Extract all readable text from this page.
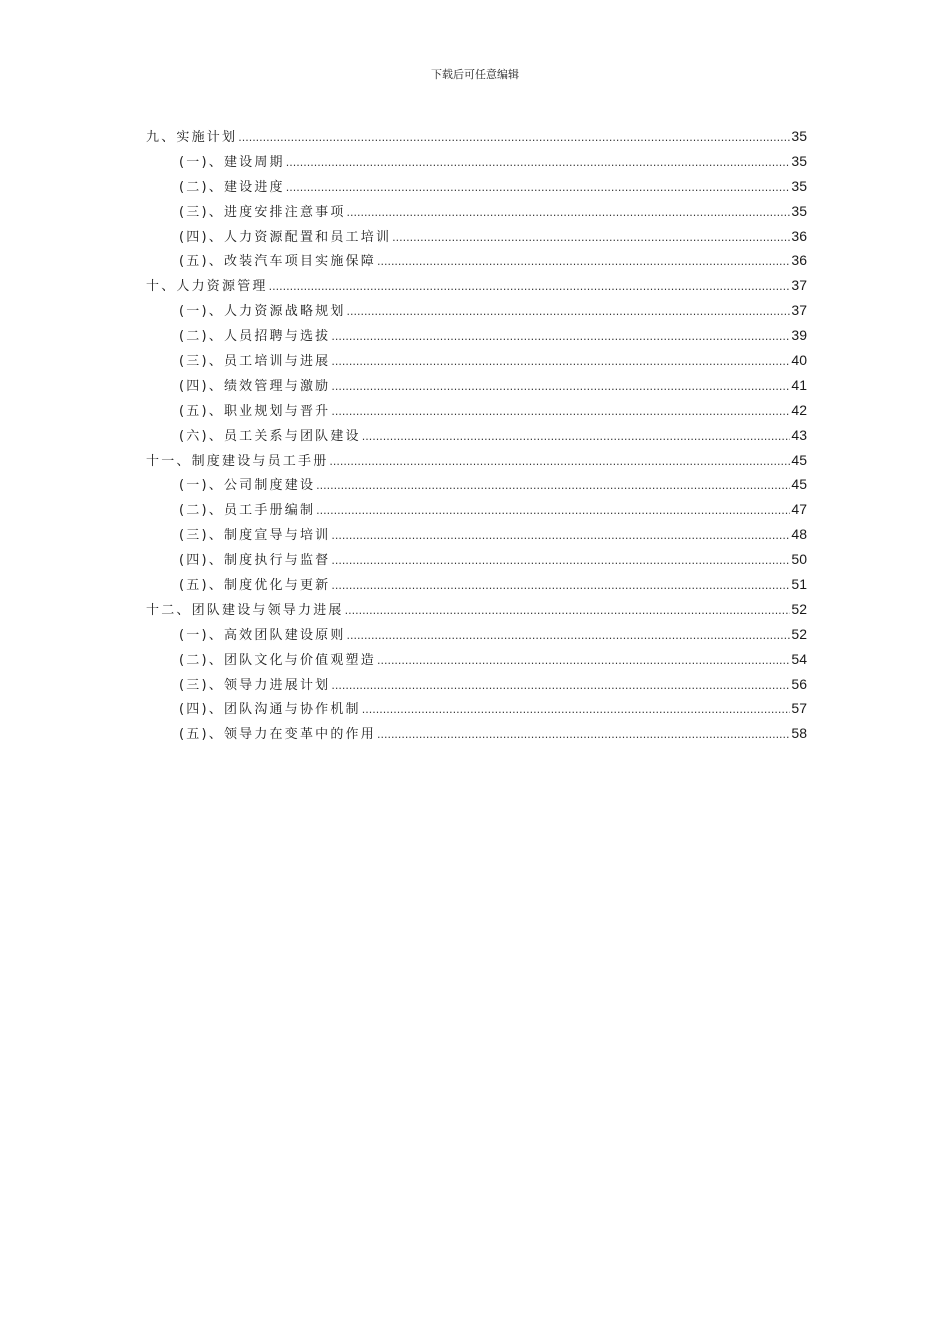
下载后可任意编辑
九、实施计划 .....	35
(一)、建设周期 .....	35
(二)、建设进度 .....	35
(三)、进度安排注意事项 .....	35
(四)、人力资源配置和员工培训 .....	36
(五)、改装汽车项目实施保障 .....	36
十、人力资源管理 .....	37
(一)、人力资源战略规划 .....	37
(二)、人员招聘与选拔 .....	39
(三)、员工培训与进展 .....	40
(四)、绩效管理与激励 .....	41
(五)、职业规划与晋升 .....	42
(六)、员工关系与团队建设 .....	43
十一、制度建设与员工手册 .....	45
(一)、公司制度建设 .....	45
(二)、员工手册编制 .....	47
(三)、制度宣导与培训 .....	48
(四)、制度执行与监督 .....	50
(五)、制度优化与更新 .....	51
十二、团队建设与领导力进展 .....	52
(一)、高效团队建设原则 .....	52
(二)、团队文化与价值观塑造 .....	54
(三)、领导力进展计划 .....	56
(四)、团队沟通与协作机制 .....	57
(五)、领导力在变革中的作用 .....	58
